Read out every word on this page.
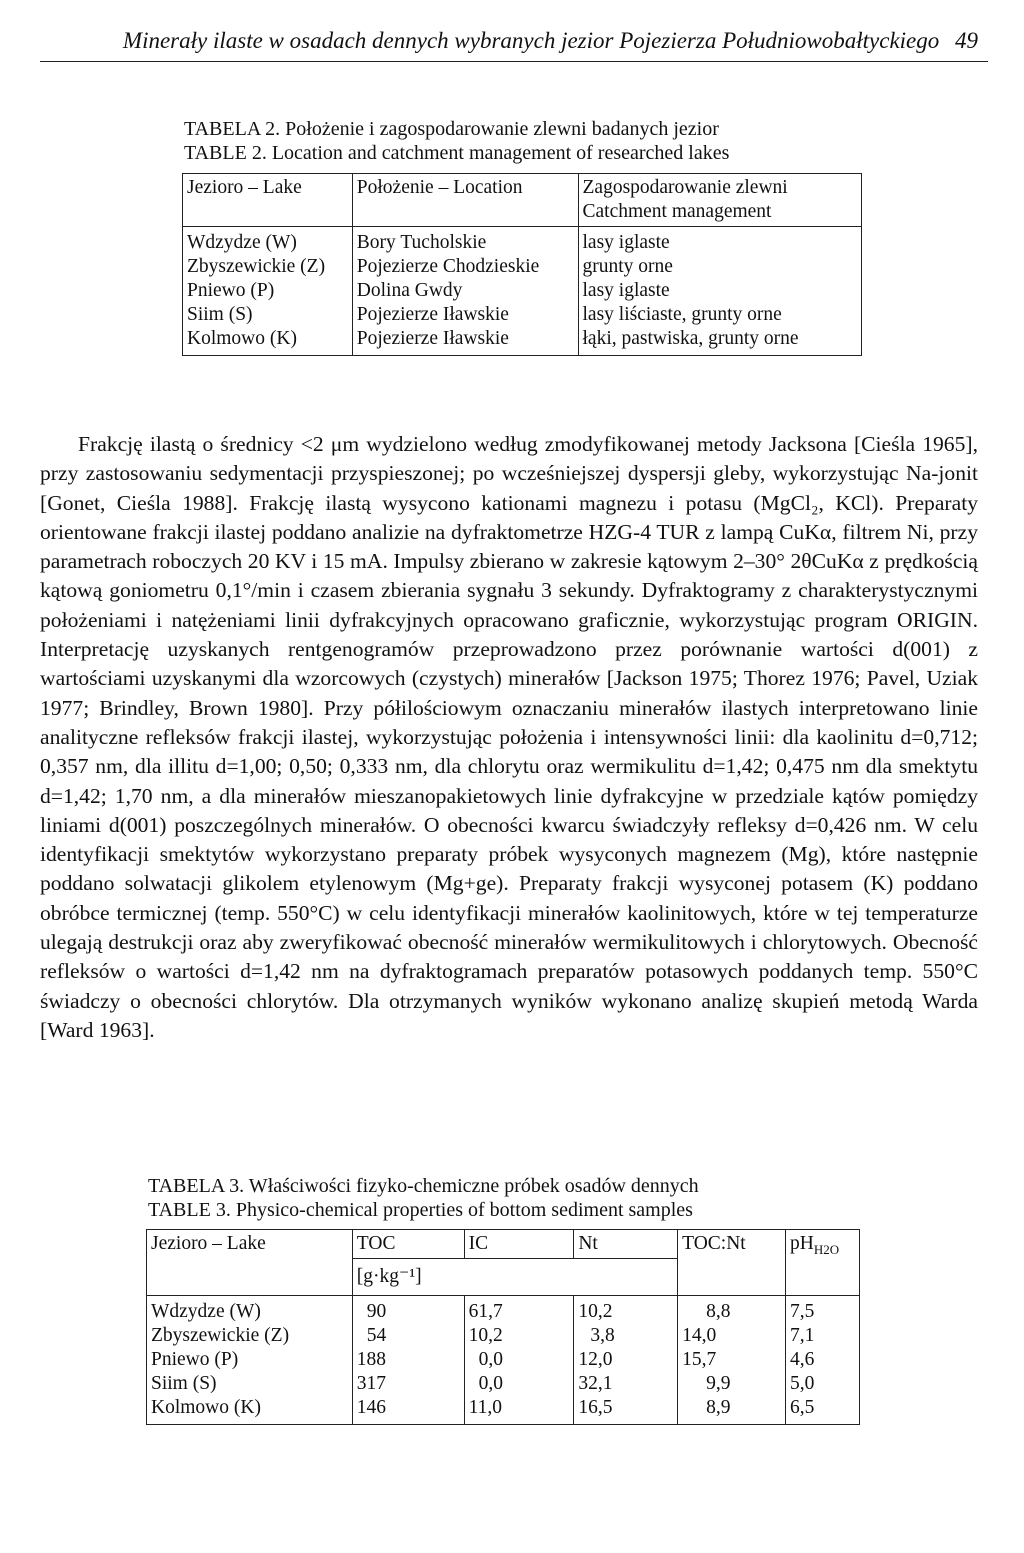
Minerały ilaste w osadach dennych wybranych jezior Pojezierza Południowobałtyckiego 49
TABELA 2. Położenie i zagospodarowanie zlewni badanych jezior
TABLE 2. Location and catchment management of researched lakes
Jezioro – Lake	Położenie – Location	Zagospodarowanie zlewni
Catchment management

Wdzydze (W)	Bory Tucholskie	lasy iglaste
Zbyszewickie (Z)	Pojezierze Chodzieskie	grunty orne
Pniewo (P)	Dolina Gwdy	lasy iglaste
Siim (S)	Pojezierze Iławskie	lasy liściaste, grunty orne
Kolmowo (K)	Pojezierze Iławskie	łąki, pastwiska, grunty orne

Frakcję ilastą o średnicy <2 μm wydzielono według zmodyfikowanej metody Jacksona [Cieśla 1965], przy zastosowaniu sedymentacji przyspieszonej; po wcześniejszej dyspersji gleby, wykorzystując Na-jonit [Gonet, Cieśla 1988]. Frakcję ilastą wysycono kationami magnezu i potasu (MgCl₂, KCl). Preparaty orientowane frakcji ilastej poddano analizie na dyfraktometrze HZG-4 TUR z lampą CuKα, filtrem Ni, przy parametrach roboczych 20 KV i 15 mA. Impulsy zbierano w zakresie kątowym 2–30° 2θCuKα z prędkością kątową goniometru 0,1°/min i czasem zbierania sygnału 3 sekundy. Dyfraktogramy z charakterystycznymi położeniami i natężeniami linii dyfrakcyjnych opracowano graficznie, wykorzystując program ORIGIN. Interpretację uzyskanych rentgenogramów przeprowadzono przez porównanie wartości d(001) z wartościami uzyskanymi dla wzorcowych (czystych) minerałów [Jackson 1975; Thorez 1976; Pavel, Uziak 1977; Brindley, Brown 1980]. Przy półilościowym oznaczaniu minerałów ilastych interpretowano linie analityczne refleksów frakcji ilastej, wykorzystując położenia i intensywności linii: dla kaolinitu d=0,712; 0,357 nm, dla illitu d=1,00; 0,50; 0,333 nm, dla chlorytu oraz wermikulitu d=1,42; 0,475 nm dla smektytu d=1,42; 1,70 nm, a dla minerałów mieszanopakietowych linie dyfrakcyjne w przedziale kątów pomiędzy liniami d(001) poszczególnych minerałów. O obecności kwarcu świadczyły refleksy d=0,426 nm. W celu identyfikacji smektytów wykorzystano preparaty próbek wysyconych magnezem (Mg), które następnie poddano solwatacji glikolem etylenowym (Mg+ge). Preparaty frakcji wysyconej potasem (K) poddano obróbce termicznej (temp. 550°C) w celu identyfikacji minerałów kaolinitowych, które w tej temperaturze ulegają destrukcji oraz aby zweryfikować obecność minerałów wermikulitowych i chlorytowych. Obecność refleksów o wartości d=1,42 nm na dyfraktogramach preparatów potasowych poddanych temp. 550°C świadczy o obecności chlorytów. Dla otrzymanych wyników wykonano analizę skupień metodą Warda [Ward 1963].

TABELA 3. Właściwości fizyko-chemiczne próbek osadów dennych
TABLE 3. Physico-chemical properties of bottom sediment samples
Jezioro – Lake	TOC	IC	Nt	TOC:Nt	$pH_{H2O}$
	[g·kg⁻¹]				
Wdzydze (W)	90	61,7	10,2	8,8	7,5
Zbyszewickie (Z)	54	10,2	3,8	14,0	7,1
Pniewo (P)	188	0,0	12,0	15,7	4,6
Siim (S)	317	0,0	32,1	9,9	5,0
Kolmowo (K)	146	11,0	16,5	8,9	6,5
